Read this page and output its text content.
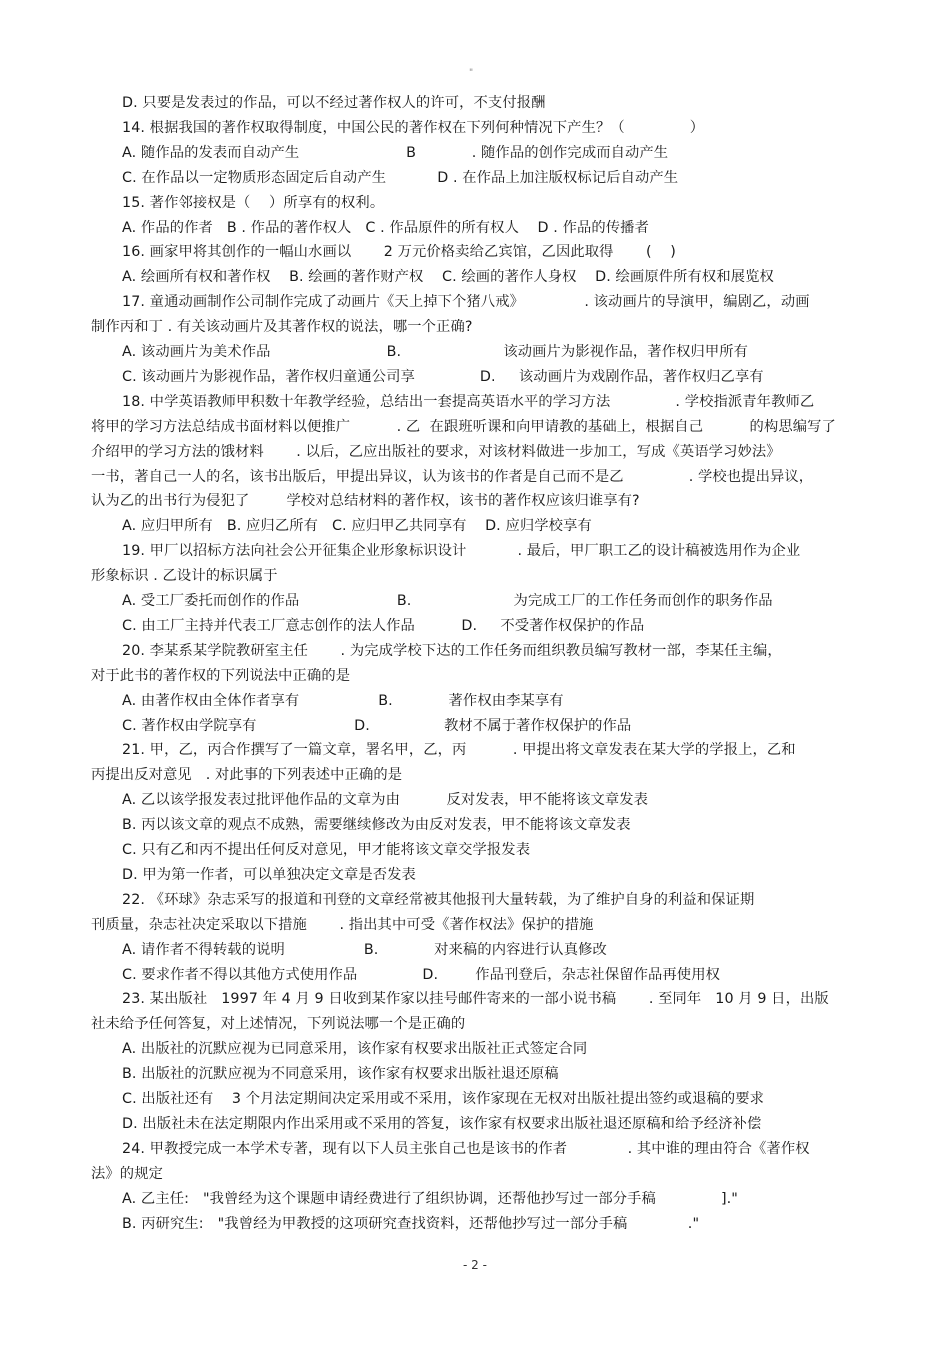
"
D. 只要是发表过的作品，可以不经过著作权人的许可，不支付报酬
14. 根据我国的著作权取得制度，中国公民的著作权在下列何种情况下产生？（              ）
A. 随作品的发表而自动产生                       B            . 随作品的创作完成而自动产生
C. 在作品以一定物质形态固定后自动产生           D . 在作品上加注版权标记后自动产生
15. 著作邻接权是（    ）所享有的权利。
A. 作品的作者   B . 作品的著作权人   C . 作品原件的所有权人    D . 作品的传播者
16. 画家甲将其创作的一幅山水画以       2 万元价格卖给乙宾馆，乙因此取得       (    )
A. 绘画所有权和著作权    B. 绘画的著作财产权    C. 绘画的著作人身权    D. 绘画原件所有权和展览权
17. 童通动画制作公司制作完成了动画片《天上掉下个猪八戒》             . 该动画片的导演甲，编剧乙，动画
制作丙和丁 . 有关该动画片及其著作权的说法，哪一个正确?
A. 该动画片为美术作品                         B.                      该动画片为影视作品，著作权归甲所有
C. 该动画片为影视作品，著作权归童通公司享              D.     该动画片为戏剧作品，著作权归乙享有
18. 中学英语教师甲积数十年教学经验，总结出一套提高英语水平的学习方法              . 学校指派青年教师乙
将甲的学习方法总结成书面材料以便推广          . 乙  在跟班听课和向甲请教的基础上，根据自己          的构思编写了
介绍甲的学习方法的饿材料       . 以后，乙应出版社的要求，对该材料做进一步加工，写成《英语学习妙法》
一书，著自己一人的名，该书出版后，甲提出异议，认为该书的作者是自己而不是乙              . 学校也提出异议，
认为乙的出书行为侵犯了        学校对总结材料的著作权，该书的著作权应该归谁享有?
A. 应归甲所有   B. 应归乙所有   C. 应归甲乙共同享有    D. 应归学校享有
19. 甲厂以招标方法向社会公开征集企业形象标识设计           . 最后，甲厂职工乙的设计稿被选用作为企业
形象标识 . 乙设计的标识属于
A. 受工厂委托而创作的作品                     B.                      为完成工厂的工作任务而创作的职务作品
C. 由工厂主持并代表工厂意志创作的法人作品          D.     不受著作权保护的作品
20. 李某系某学院教研室主任       . 为完成学校下达的工作任务而组织教员编写教材一部，李某任主编，
对于此书的著作权的下列说法中正确的是
A. 由著作权由全体作者享有                 B.            著作权由李某享有
C. 著作权由学院享有                     D.                教材不属于著作权保护的作品
21. 甲，乙，丙合作撰写了一篇文章，署名甲，乙，丙          . 甲提出将文章发表在某大学的学报上，乙和
丙提出反对意见   . 对此事的下列表述中正确的是
A. 乙以该学报发表过批评他作品的文章为由          反对发表，甲不能将该文章发表
B. 丙以该文章的观点不成熟，需要继续修改为由反对发表，甲不能将该文章发表
C. 只有乙和丙不提出任何反对意见，甲才能将该文章交学报发表
D. 甲为第一作者，可以单独决定文章是否发表
22. 《环球》杂志采写的报道和刊登的文章经常被其他报刊大量转载，为了维护自身的利益和保证期
刊质量，杂志社决定采取以下措施       . 指出其中可受《著作权法》保护的措施
A. 请作者不得转载的说明                 B.            对来稿的内容进行认真修改
C. 要求作者不得以其他方式使用作品              D.        作品刊登后，杂志社保留作品再使用权
23. 某出版社   1997 年 4 月 9 日收到某作家以挂号邮件寄来的一部小说书稿       . 至同年   10 月 9 日，出版
社未给予任何答复，对上述情况，下列说法哪一个是正确的
A. 出版社的沉默应视为已同意采用，该作家有权要求出版社正式签定合同
B. 出版社的沉默应视为不同意采用，该作家有权要求出版社退还原稿
C. 出版社还有    3 个月法定期间决定采用或不采用，该作家现在无权对出版社提出签约或退稿的要求
D. 出版社未在法定期限内作出采用或不采用的答复，该作家有权要求出版社退还原稿和给予经济补偿
24. 甲教授完成一本学术专著，现有以下人员主张自己也是该书的作者             . 其中谁的理由符合《著作权
法》的规定
A. 乙主任:   "我曾经为这个课题申请经费进行了组织协调，还帮他抄写过一部分手稿              ]."
B. 丙研究生:   "我曾经为甲教授的这项研究查找资料，还帮他抄写过一部分手稿             ."
- 2 -
